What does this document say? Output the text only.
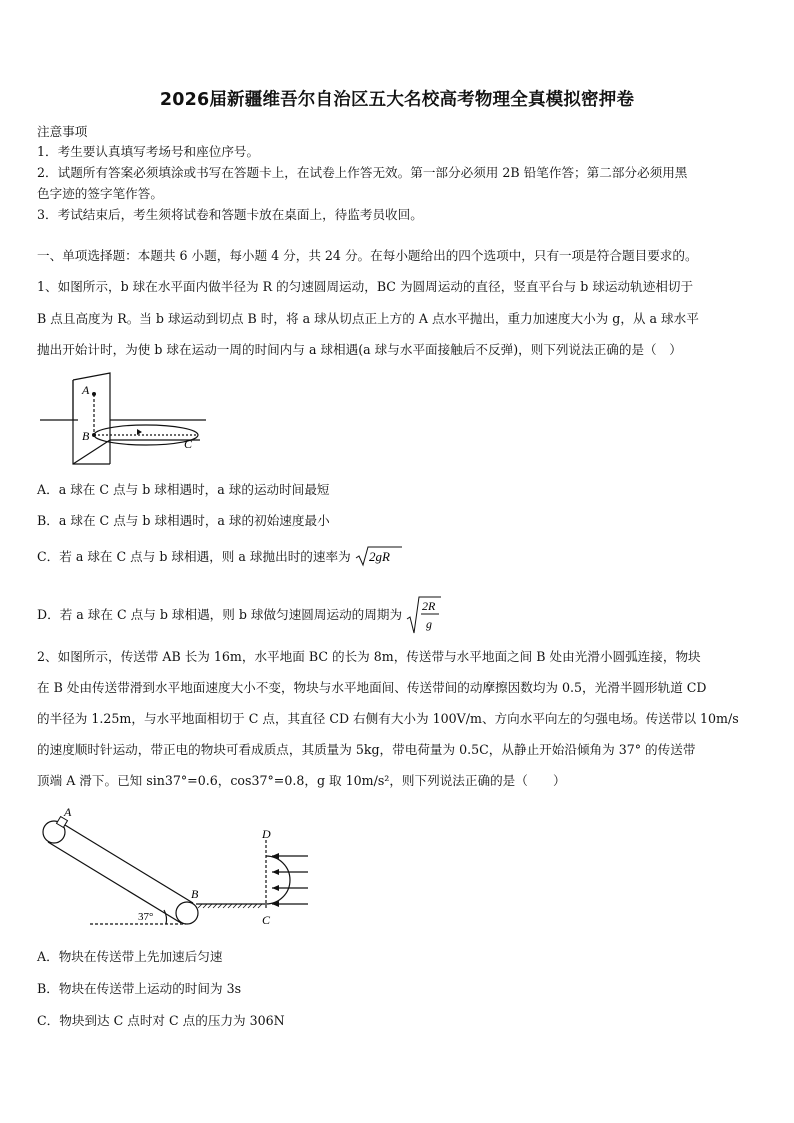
2026届新疆维吾尔自治区五大名校高考物理全真模拟密押卷
注意事项
1．考生要认真填写考场号和座位序号。
2．试题所有答案必须填涂或书写在答题卡上，在试卷上作答无效。第一部分必须用 2B 铅笔作答；第二部分必须用黑
色字迹的签字笔作答。
3．考试结束后，考生须将试卷和答题卡放在桌面上，待监考员收回。
一、单项选择题：本题共 6 小题，每小题 4 分，共 24 分。在每小题给出的四个选项中，只有一项是符合题目要求的。
1、如图所示，b 球在水平面内做半径为 R 的匀速圆周运动，BC 为圆周运动的直径，竖直平台与 b 球运动轨迹相切于
B 点且高度为 R。当 b 球运动到切点 B 时，将 a 球从切点正上方的 A 点水平抛出，重力加速度大小为 g，从 a 球水平
抛出开始计时，为使 b 球在运动一周的时间内与 a 球相遇(a 球与水平面接触后不反弹)，则下列说法正确的是（　）
A
B
C
A．a 球在 C 点与 b 球相遇时，a 球的运动时间最短
B．a 球在 C 点与 b 球相遇时，a 球的初始速度最小
C．若 a 球在 C 点与 b 球相遇，则 a 球抛出时的速率为 2gR
D．若 a 球在 C 点与 b 球相遇，则 b 球做匀速圆周运动的周期为
2R
g
2、如图所示，传送带 AB 长为 16m，水平地面 BC 的长为 8m，传送带与水平地面之间 B 处由光滑小圆弧连接，物块
在 B 处由传送带滑到水平地面速度大小不变，物块与水平地面间、传送带间的动摩擦因数均为 0.5，光滑半圆形轨道 CD
的半径为 1.25m，与水平地面相切于 C 点，其直径 CD 右侧有大小为 100V/m、方向水平向左的匀强电场。传送带以 10m/s
的速度顺时针运动，带正电的物块可看成质点，其质量为 5kg，带电荷量为 0.5C，从静止开始沿倾角为 37° 的传送带
顶端 A 滑下。已知 sin37°=0.6，cos37°=0.8，g 取 10m/s²，则下列说法正确的是（　　）
A
B
C
D
37°
A．物块在传送带上先加速后匀速
B．物块在传送带上运动的时间为 3s
C．物块到达 C 点时对 C 点的压力为 306N
